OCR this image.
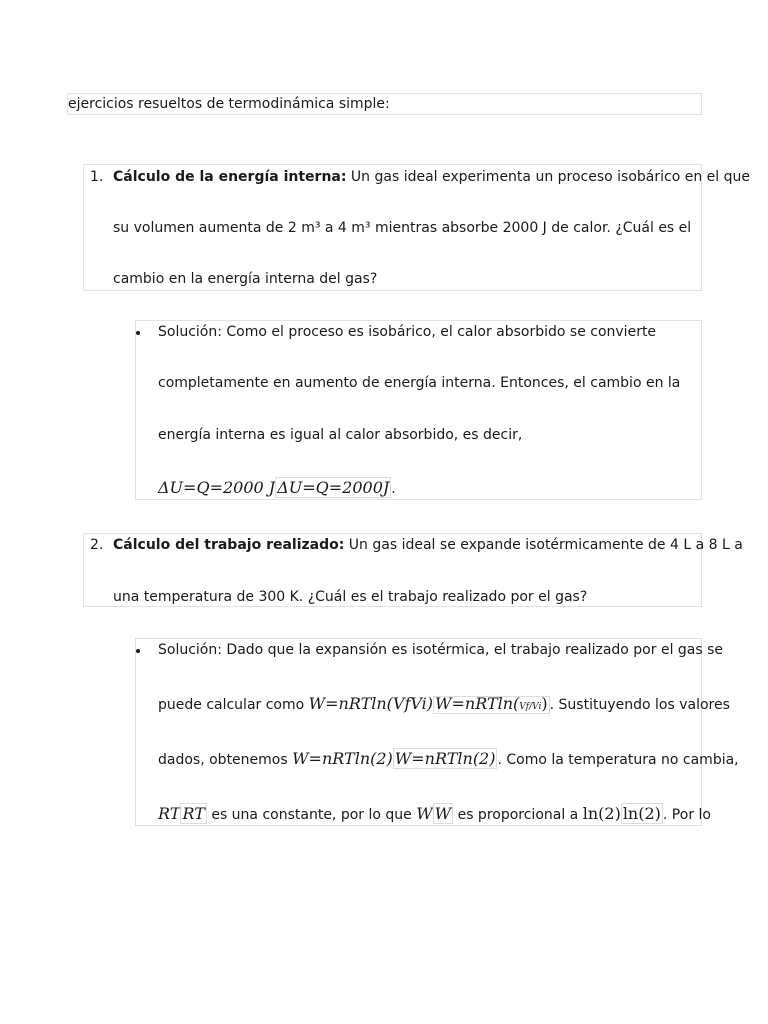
ejercicios resueltos de termodinámica simple:
1. Cálculo de la energía interna: Un gas ideal experimenta un proceso isobárico en el que
su volumen aumenta de 2 m³ a 4 m³ mientras absorbe 2000 J de calor. ¿Cuál es el
cambio en la energía interna del gas?
Solución: Como el proceso es isobárico, el calor absorbido se convierte
completamente en aumento de energía interna. Entonces, el cambio en la
energía interna es igual al calor absorbido, es decir,
ΔU=Q=2000 J ΔU=Q=2000J .
2. Cálculo del trabajo realizado: Un gas ideal se expande isotérmicamente de 4 L a 8 L a
una temperatura de 300 K. ¿Cuál es el trabajo realizado por el gas?
Solución: Dado que la expansión es isotérmica, el trabajo realizado por el gas se
puede calcular como W=nRTln(VfVi) W=nRTln(Vf/Vi) . Sustituyendo los valores
dados, obtenemos W=nRTln(2) W=nRTln(2) . Como la temperatura no cambia,
RT RT es una constante, por lo que W W es proporcional a ln(2) ln(2) . Por lo
